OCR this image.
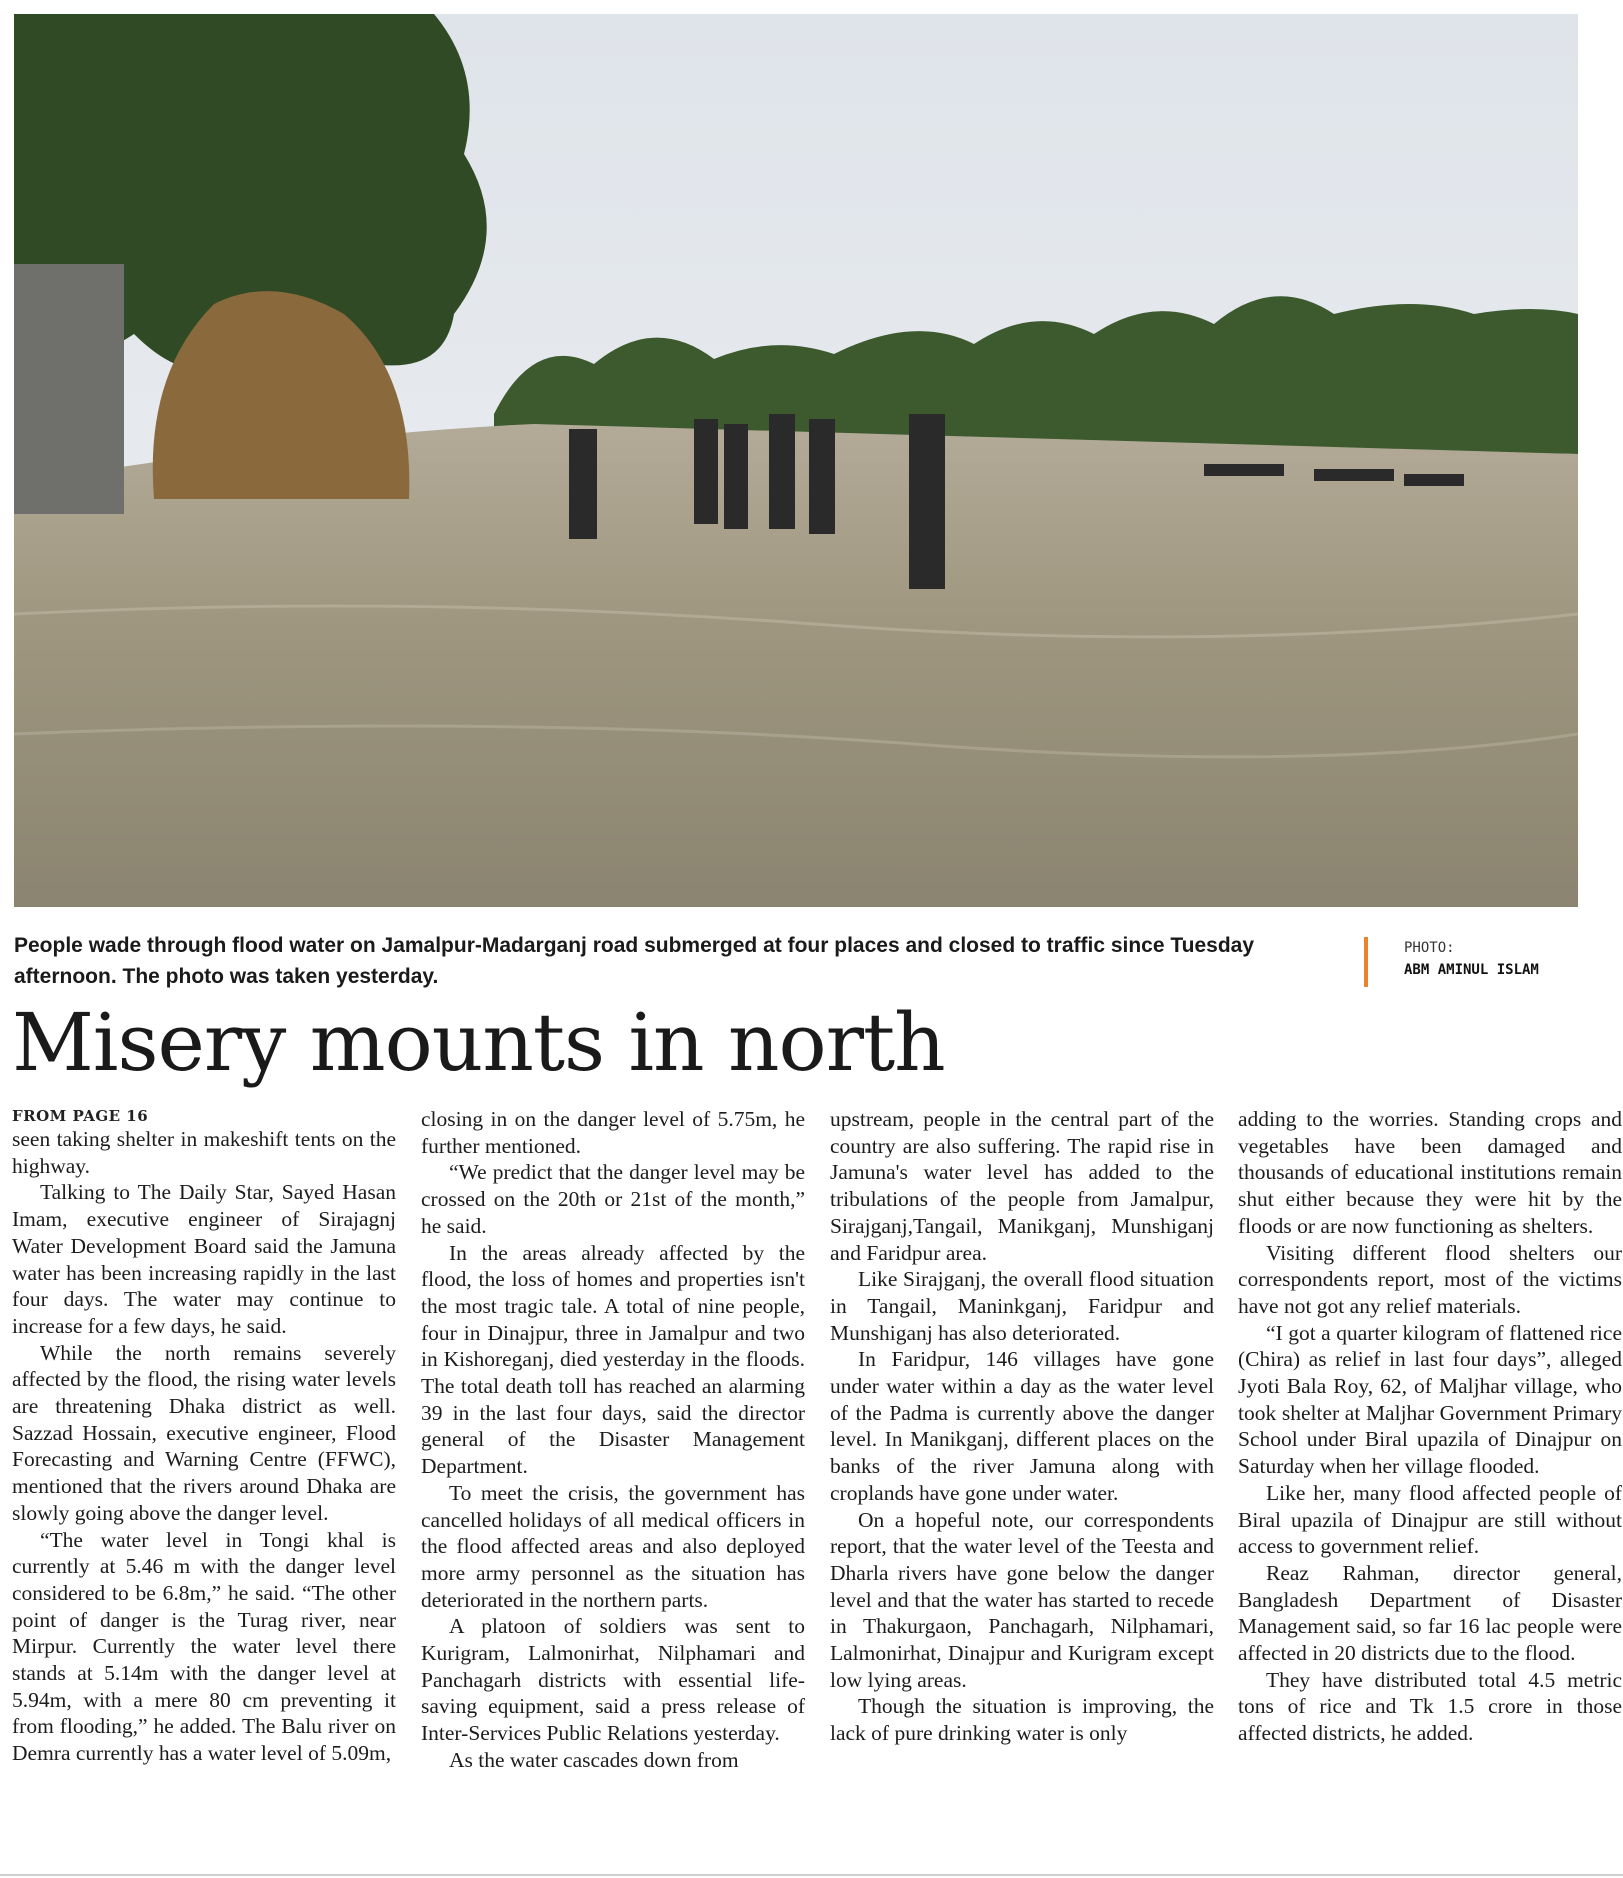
People wade through flood water on Jamalpur-Madarganj road submerged at four places and closed to traffic since Tuesday afternoon. The photo was taken yesterday.
PHOTO:
ABM AMINUL ISLAM
Misery mounts in north
FROM PAGE 16

seen taking shelter in makeshift tents on the highway.

Talking to The Daily Star, Sayed Hasan Imam, executive engineer of Sirajagnj Water Development Board said the Jamuna water has been increasing rapidly in the last four days. The water may continue to increase for a few days, he said.

While the north remains severely affected by the flood, the rising water levels are threatening Dhaka district as well. Sazzad Hossain, executive engineer, Flood Forecasting and Warning Centre (FFWC), mentioned that the rivers around Dhaka are slowly going above the danger level.

“The water level in Tongi khal is currently at 5.46 m with the danger level considered to be 6.8m,” he said. “The other point of danger is the Turag river, near Mirpur. Currently the water level there stands at 5.14m with the danger level at 5.94m, with a mere 80 cm preventing it from flooding,” he added. The Balu river on Demra currently has a water level of 5.09m,

closing in on the danger level of 5.75m, he further mentioned.

“We predict that the danger level may be crossed on the 20th or 21st of the month,” he said.

In the areas already affected by the flood, the loss of homes and properties isn't the most tragic tale. A total of nine people, four in Dinajpur, three in Jamalpur and two in Kishoreganj, died yesterday in the floods. The total death toll has reached an alarming 39 in the last four days, said the director general of the Disaster Management Department.

To meet the crisis, the government has cancelled holidays of all medical officers in the flood affected areas and also deployed more army personnel as the situation has deteriorated in the northern parts.

A platoon of soldiers was sent to Kurigram, Lalmonirhat, Nilphamari and Panchagarh districts with essential life- saving equipment, said a press release of Inter-Services Public Relations yesterday.

As the water cascades down from

upstream, people in the central part of the country are also suffering. The rapid rise in Jamuna's water level has added to the tribulations of the people from Jamalpur, Sirajganj,Tangail, Manikganj, Munshiganj and Faridpur area.

Like Sirajganj, the overall flood situation in Tangail, Maninkganj, Faridpur and Munshiganj has also deteriorated.

In Faridpur, 146 villages have gone under water within a day as the water level of the Padma is currently above the danger level. In Manikganj, different places on the banks of the river Jamuna along with croplands have gone under water.

On a hopeful note, our correspondents report, that the water level of the Teesta and Dharla rivers have gone below the danger level and that the water has started to recede in Thakurgaon, Panchagarh, Nilphamari, Lalmonirhat, Dinajpur and Kurigram except low lying areas.

Though the situation is improving, the lack of pure drinking water is only

adding to the worries. Standing crops and vegetables have been damaged and thousands of educational institutions remain shut either because they were hit by the floods or are now functioning as shelters.

Visiting different flood shelters our correspondents report, most of the victims have not got any relief materials.

“I got a quarter kilogram of flattened rice (Chira) as relief in last four days”, alleged Jyoti Bala Roy, 62, of Maljhar village, who took shelter at Maljhar Government Primary School under Biral upazila of Dinajpur on Saturday when her village flooded.

Like her, many flood affected people of Biral upazila of Dinajpur are still without access to government relief.

Reaz Rahman, director general, Bangladesh Department of Disaster Management said, so far 16 lac people were affected in 20 districts due to the flood.

They have distributed total 4.5 metric tons of rice and Tk 1.5 crore in those affected districts, he added.
